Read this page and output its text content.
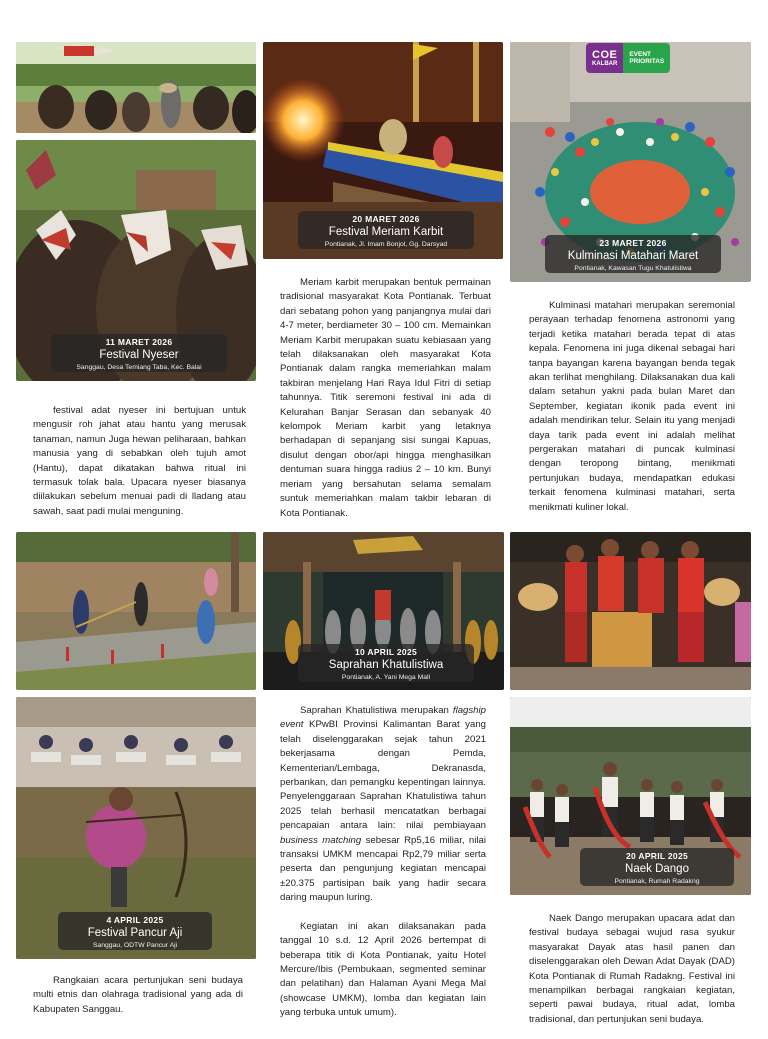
11 MARET 2026
Festival Nyeser
Sanggau, Desa Temiang Taba, Kec. Balai
20 MARET 2026
Festival Meriam Karbit
Pontianak, Jl. Imam Bonjol, Gg. Darsyad
COE
KALBAR
EVENT
PRIORITAS
23 MARET 2026
Kulminasi Matahari Maret
Pontianak, Kawasan Tugu Khatulistiwa

festival adat nyeser ini bertujuan untuk mengusir roh jahat atau hantu yang merusak tanaman, namun Juga hewan peliharaan, bahkan manusia yang di sebabkan oleh tujuh amot (Hantu), dapat dikatakan bahwa ritual ini termasuk tolak bala. Upacara nyeser biasanya diilakukan sebelum menuai padi di lladang atau sawah, saat padi mulai menguning.

Meriam karbit merupakan bentuk permainan tradisional masyarakat Kota Pontianak. Terbuat dari sebatang pohon yang panjangnya mulai dari 4-7 meter, berdiameter 30 – 100 cm. Memainkan Meriam Karbit merupakan suatu kebiasaan yang telah dilaksanakan oleh masyarakat Kota Pontianak dalam rangka memeriahkan malam takbiran menjelang Hari Raya Idul Fitri di setiap tahunnya. Titik seremoni festival ini ada di Kelurahan Banjar Serasan dan sebanyak 40 kelompok Meriam karbit yang letaknya berhadapan di sepanjang sisi sungai Kapuas, disulut dengan obor/api hingga menghasilkan dentuman suara hingga radius 2 – 10 km. Bunyi meriam yang bersahutan selama semalam suntuk memeriahkan malam takbir lebaran di Kota Pontianak.

Kulminasi matahari merupakan seremonial perayaan terhadap fenomena astronomi yang terjadi ketika matahari berada tepat di atas kepala. Fenomena ini juga dikenal sebagai hari tanpa bayangan karena bayangan benda tegak akan terlihat menghilang. Dilaksanakan dua kali dalam setahun yakni pada bulan Maret dan September, kegiatan ikonik pada event ini adalah mendirikan telur. Selain itu yang menjadi daya tarik pada event ini adalah melihat pergerakan matahari di puncak kulminasi dengan teropong bintang, menikmati pertunjukan budaya, mendapatkan edukasi terkait fenomena kulminasi matahari, serta menikmati kuliner lokal.

4 APRIL 2025
Festival Pancur Aji
Sanggau, ODTW Pancur Aji
10 APRIL 2025
Saprahan Khatulistiwa
Pontianak, A. Yani Mega Mall
20 APRIL 2025
Naek Dango
Pontianak, Rumah Radakng

Saprahan Khatulistiwa merupakan flagship event KPwBI Provinsi Kalimantan Barat yang telah diselenggarakan sejak tahun 2021 bekerjasama dengan Pemda, Kementerian/Lembaga, Dekranasda, perbankan, dan pemangku kepentingan lainnya. Penyelenggaraan Saprahan Khatulistiwa tahun 2025 telah berhasil mencatatkan berbagai pencapaian antara lain: nilai pembiayaan business matching sebesar Rp5,16 miliar, nilai transaksi UMKM mencapai Rp2,79 miliar serta peserta dan pengunjung kegiatan mencapai ±20.375 partisipan baik yang hadir secara daring maupun luring.

Kegiatan ini akan dilaksanakan pada tanggal 10 s.d. 12 April 2026 bertempat di beberapa titik di Kota Pontianak, yaitu Hotel Mercure/Ibis (Pembukaan, segmented seminar dan pelatihan) dan Halaman Ayani Mega Mal (showcase UMKM), lomba dan kegiatan lain yang terbuka untuk umum).

Rangkaian acara pertunjukan seni budaya multi etnis dan olahraga tradisional yang ada di Kabupaten Sanggau.

Naek Dango merupakan upacara adat dan festival budaya sebagai wujud rasa syukur masyarakat Dayak atas hasil panen dan diselenggarakan oleh Dewan Adat Dayak (DAD) Kota Pontianak di Rumah Radakng. Festival ini menampilkan berbagai rangkaian kegiatan, seperti pawai budaya, ritual adat, lomba tradisional, dan pertunjukan seni budaya.
